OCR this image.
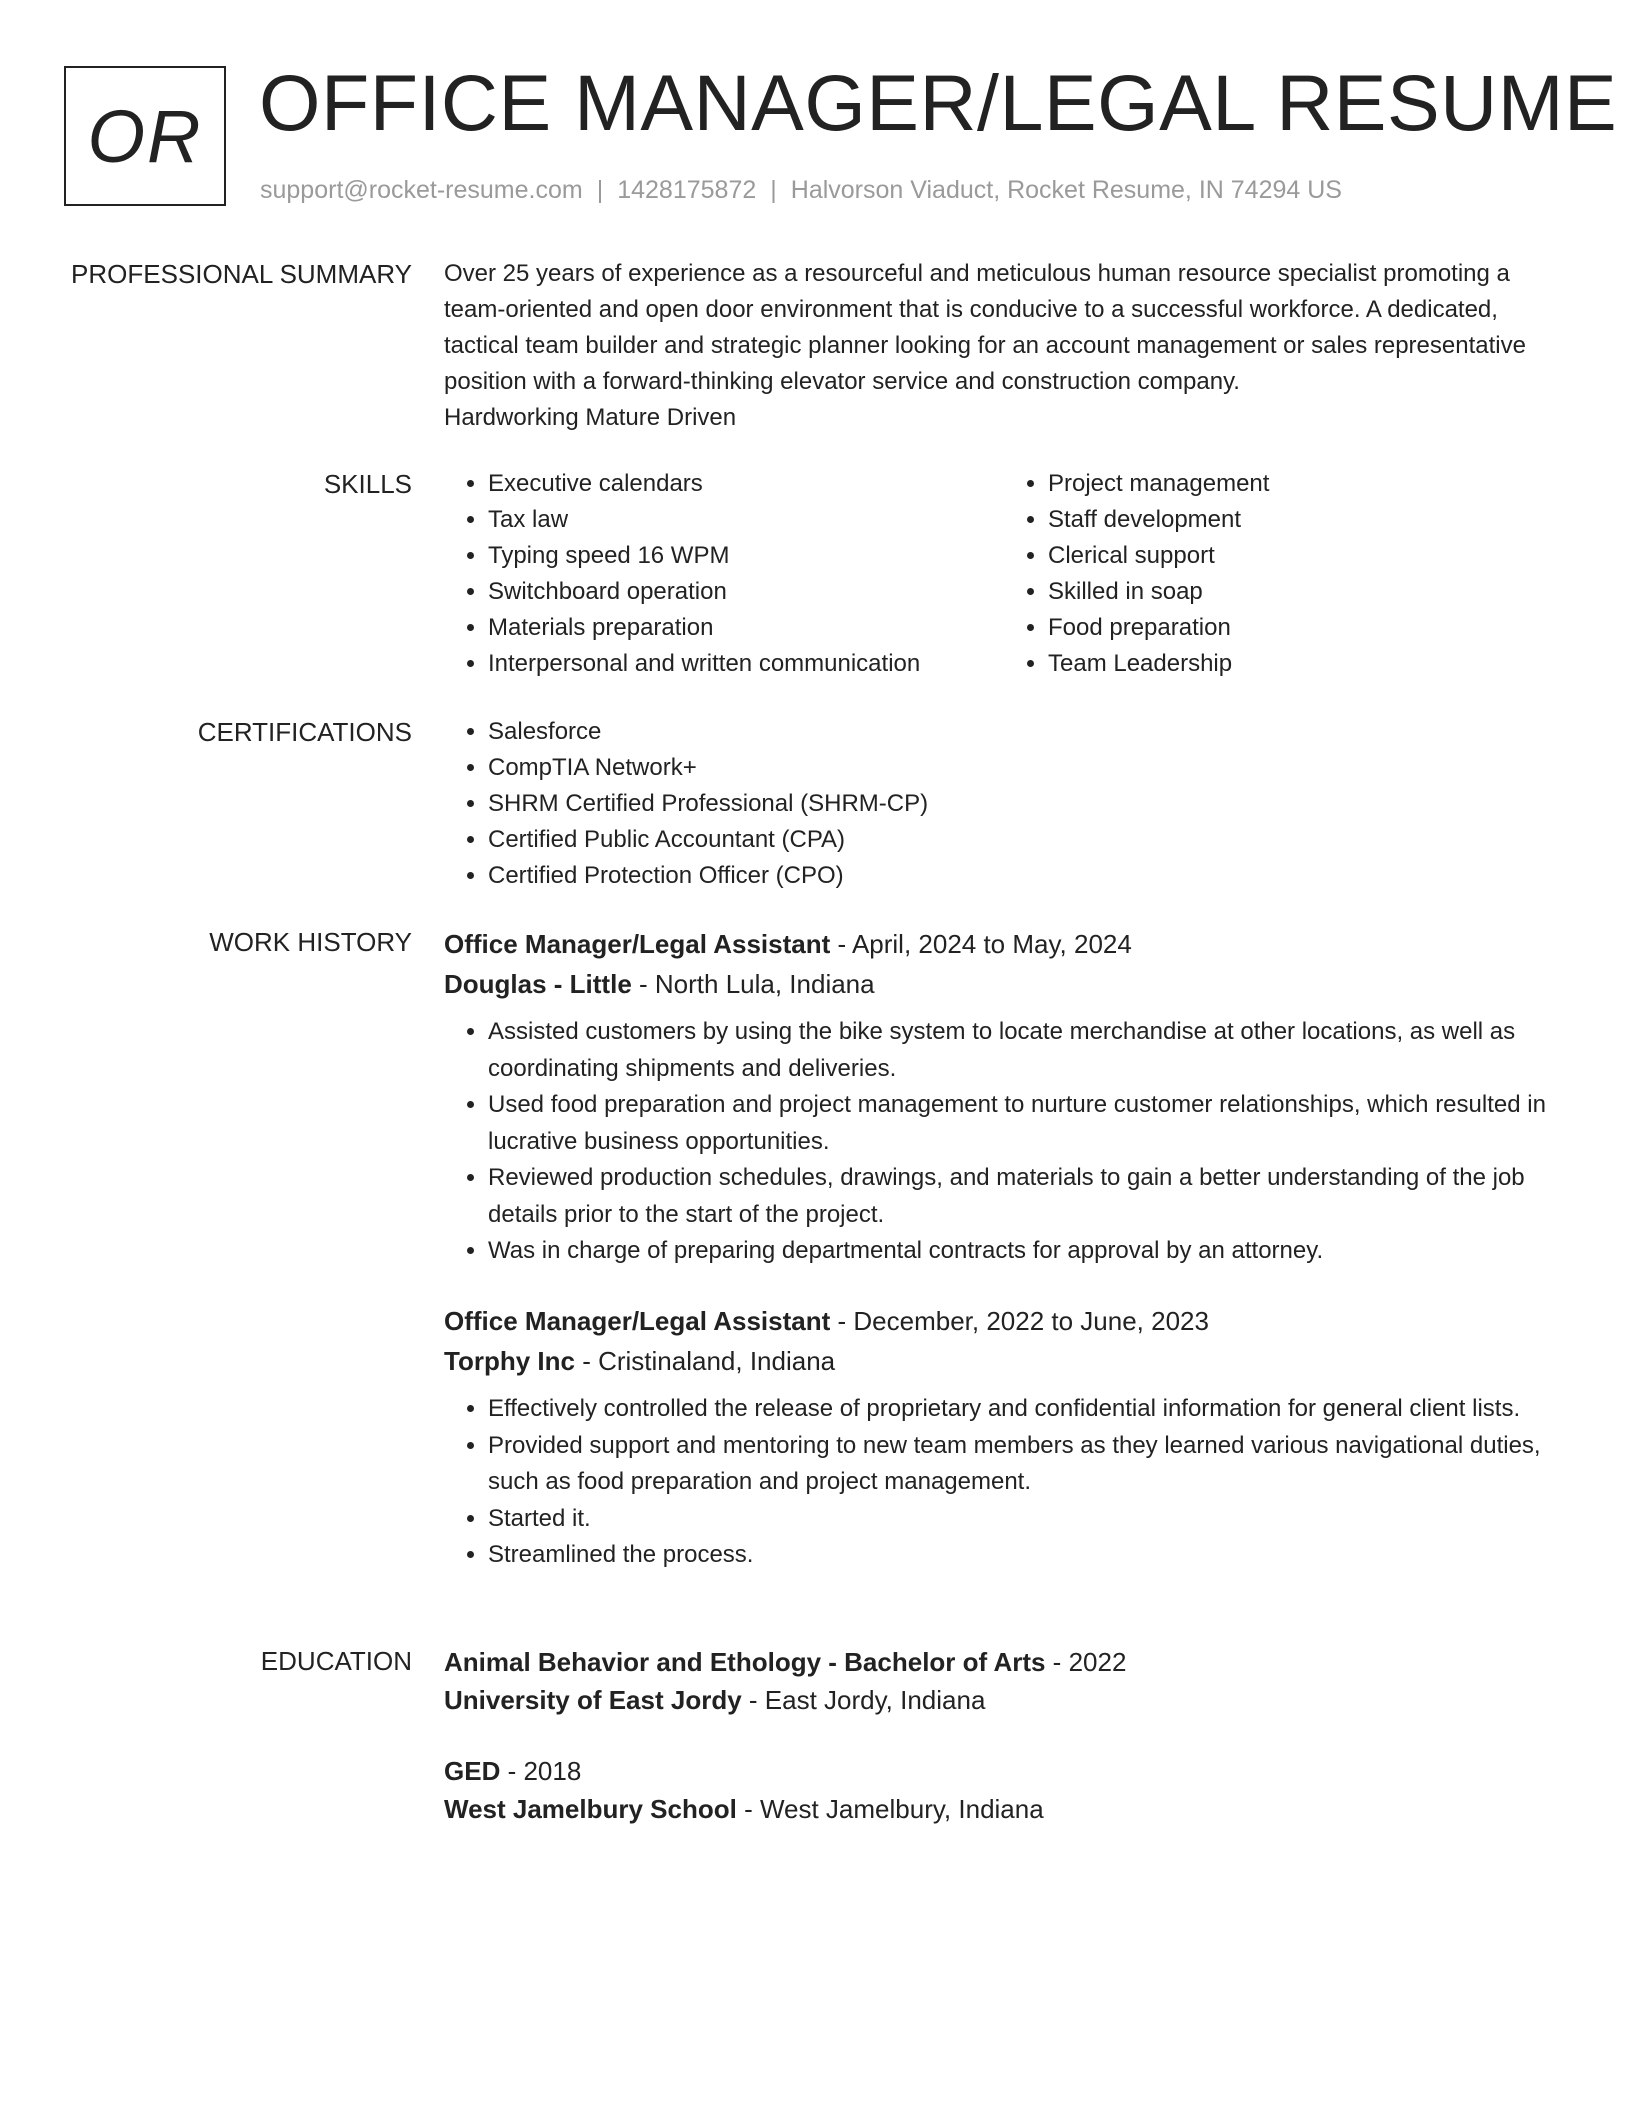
OR OFFICE MANAGER/LEGAL RESUME
support@rocket-resume.com | 1428175872 | Halvorson Viaduct, Rocket Resume, IN 74294 US
PROFESSIONAL SUMMARY Over 25 years of experience as a resourceful and meticulous human resource specialist promoting a team-oriented and open door environment that is conducive to a successful workforce. A dedicated, tactical team builder and strategic planner looking for an account management or sales representative position with a forward-thinking elevator service and construction company.

Hardworking Mature Driven

SKILLS	• Executive calendars
• Tax law
• Typing speed 16 WPM
• Switchboard operation
• Materials preparation
• Interpersonal and written communication
• Project management
• Staff development
• Clerical support
• Skilled in soap
• Food preparation
• Team Leadership
CERTIFICATIONS	• Salesforce
• CompTIA Network+
• SHRM Certified Professional (SHRM-CP)
• Certified Public Accountant (CPA)
• Certified Protection Officer (CPO)
WORK HISTORY Office Manager/Legal Assistant - April, 2024 to May, 2024
Douglas - Little - North Lula, Indiana
• Assisted customers by using the bike system to locate merchandise at other locations, as well as coordinating shipments and deliveries.
• Used food preparation and project management to nurture customer relationships, which resulted in lucrative business opportunities.
• Reviewed production schedules, drawings, and materials to gain a better understanding of the job details prior to the start of the project.
• Was in charge of preparing departmental contracts for approval by an attorney.
Office Manager/Legal Assistant - December, 2022 to June, 2023
Torphy Inc - Cristinaland, Indiana
• Effectively controlled the release of proprietary and confidential information for general client lists.
• Provided support and mentoring to new team members as they learned various navigational duties, such as food preparation and project management.
• Started it.
• Streamlined the process.
EDUCATION Animal Behavior and Ethology - Bachelor of Arts - 2022
University of East Jordy - East Jordy, Indiana
GED - 2018
West Jamelbury School - West Jamelbury, Indiana
